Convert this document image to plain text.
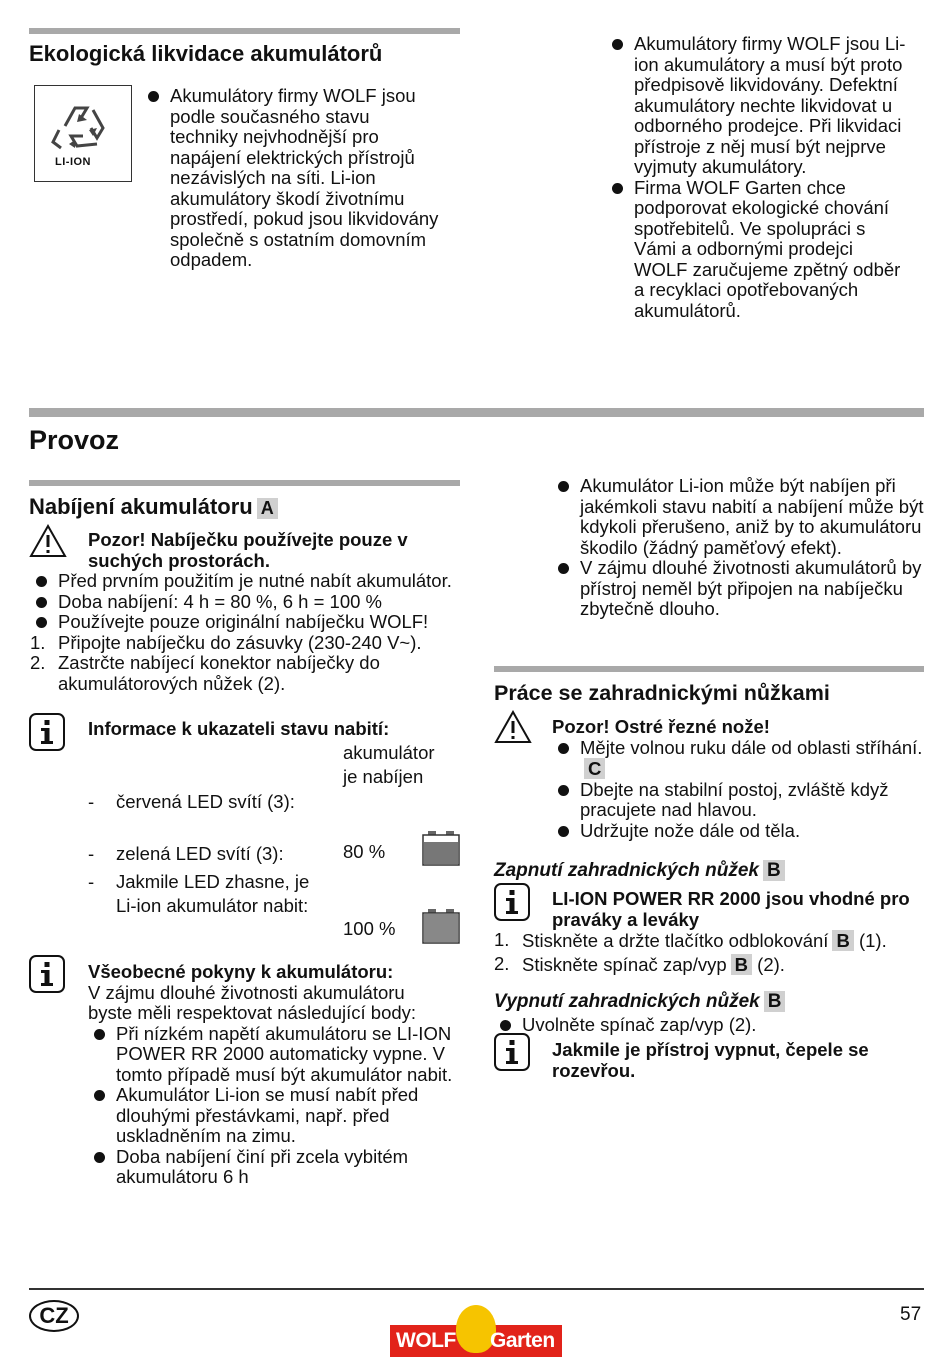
Ekologická likvidace akumulátorů
LI-ION
Akumulátory firmy WOLF jsou podle současného stavu techniky nejvhodnější pro napájení elektrických přístrojů nezávislých na síti. Li-ion akumulátory škodí životnímu prostředí, pokud jsou likvidovány společně s ostatním domovním odpadem.
Akumulátory firmy WOLF jsou Li-ion akumulátory a musí být proto předpisově likvidovány. Defektní akumulátory nechte likvidovat u odborného prodejce. Při likvidaci přístroje z něj musí být nejprve vyjmuty akumulátory.
Firma WOLF Garten chce podporovat ekologické chování spotřebitelů. Ve spolupráci s Vámi a odbornými prodejci WOLF zaručujeme zpětný odběr a recyklaci opotřebovaných akumulátorů.
Provoz
Nabíjení akumulátoru A
Pozor! Nabíječku používejte pouze v suchých prostorách.
Před prvním použitím je nutné nabít akumulátor.
Doba nabíjení: 4 h = 80 %, 6 h = 100 %
Používejte pouze originální nabíječku WOLF!
1. Připojte nabíječku do zásuvky (230-240 V~).
2. Zastrčte nabíjecí konektor nabíječky do akumulátorových nůžek (2).
Informace k ukazateli stavu nabití:
- červená LED svítí (3):
akumulátor je nabíjen
- zelená LED svítí (3):	80 %
- Jakmile LED zhasne, je Li-ion akumulátor nabit:
100 %
Všeobecné pokyny k akumulátoru:
V zájmu dlouhé životnosti akumulátoru byste měli respektovat následující body:
Při nízkém napětí akumulátoru se LI-ION POWER RR 2000 automaticky vypne. V tomto případě musí být akumulátor nabit.
Akumulátor Li-ion se musí nabít před dlouhými přestávkami, např. před uskladněním na zimu.
Doba nabíjení činí při zcela vybitém akumulátoru 6 h
Akumulátor Li-ion může být nabíjen při jakémkoli stavu nabití a nabíjení může být kdykoli přerušeno, aniž by to akumulátoru škodilo (žádný paměťový efekt).
V zájmu dlouhé životnosti akumulátorů by přístroj neměl být připojen na nabíječku zbytečně dlouho.
Práce se zahradnickými nůžkami
Pozor! Ostré řezné nože!
Mějte volnou ruku dále od oblasti stříhání.C
Dbejte na stabilní postoj, zvláště když pracujete nad hlavou.
Udržujte nože dále od těla.
Zapnutí zahradnických nůžek B
LI-ION POWER RR 2000 jsou vhodné pro praváky a leváky
1. Stiskněte a držte tlačítko odblokování B (1).
2. Stiskněte spínač zap/vyp B (2).
Vypnutí zahradnických nůžek B
Uvolněte spínač zap/vyp (2).
Jakmile je přístroj vypnut, čepele se rozevřou.
CZ	57
WOLF Garten
